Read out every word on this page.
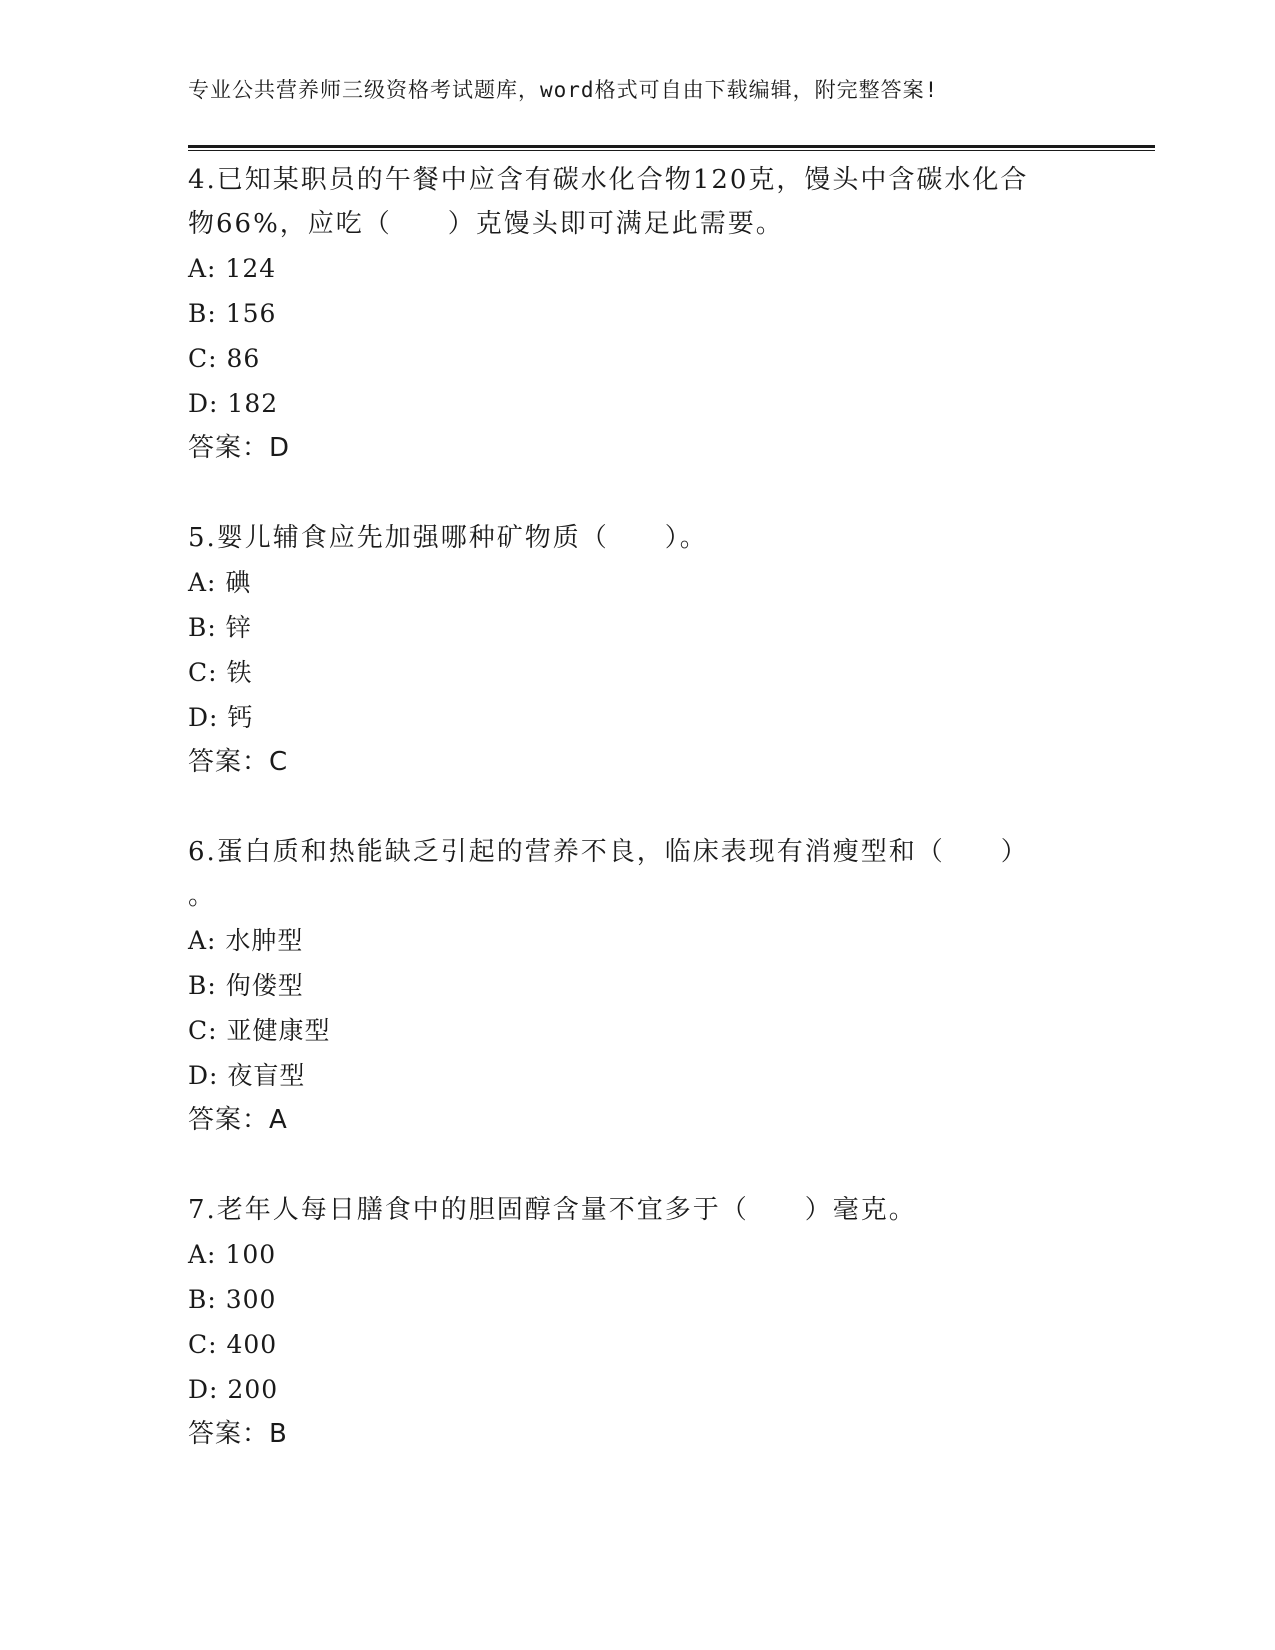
专业公共营养师三级资格考试题库，word格式可自由下载编辑，附完整答案!
4.已知某职员的午餐中应含有碳水化合物120克，馒头中含碳水化合
物66%，应吃（　　）克馒头即可满足此需要。
A: 124
B: 156
C: 86
D: 182
答案：D
5.婴儿辅食应先加强哪种矿物质（　　）。
A: 碘
B: 锌
C: 铁
D: 钙
答案：C
6.蛋白质和热能缺乏引起的营养不良，临床表现有消瘦型和（　　）
。
A: 水肿型
B: 佝偻型
C: 亚健康型
D: 夜盲型
答案：A
7.老年人每日膳食中的胆固醇含量不宜多于（　　）毫克。
A: 100
B: 300
C: 400
D: 200
答案：B
